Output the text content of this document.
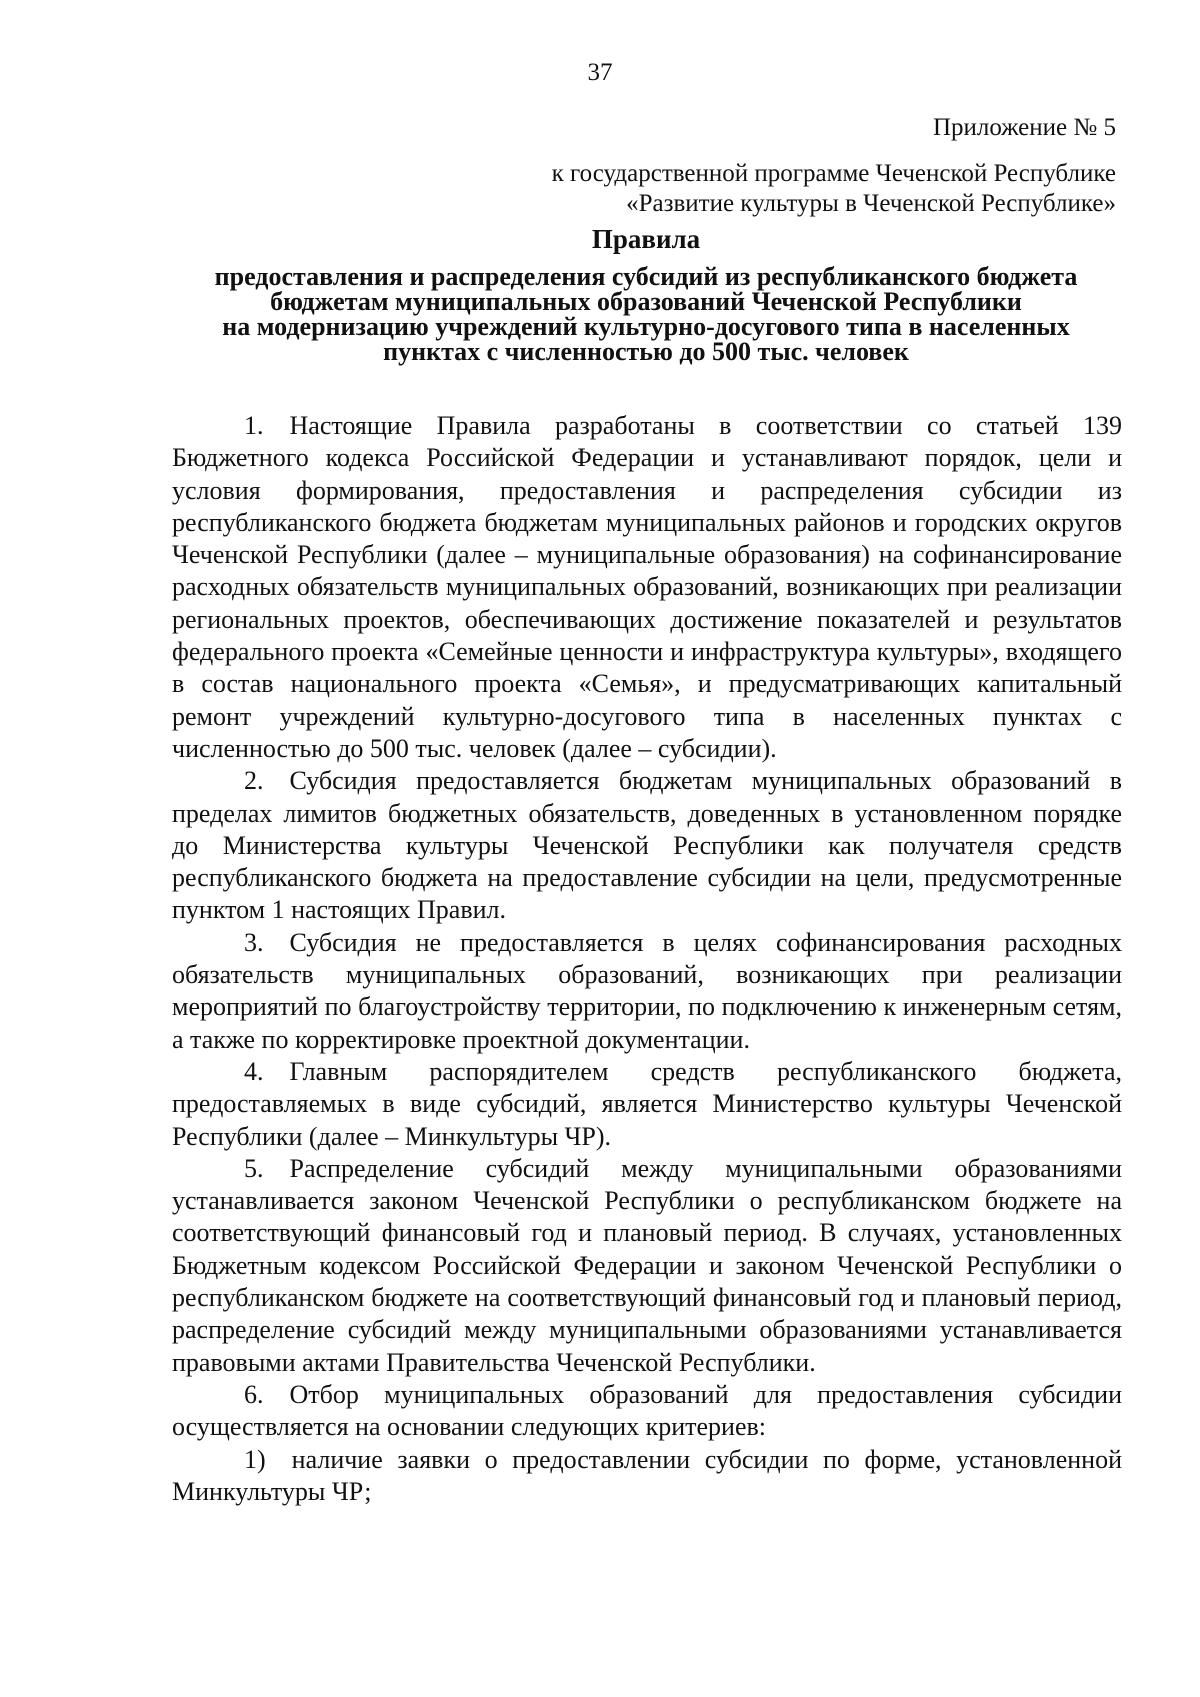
37
Приложение № 5
к государственной программе Чеченской Республике
«Развитие культуры в Чеченской Республике»
Правила
предоставления и распределения субсидий из республиканского бюджета
бюджетам муниципальных образований Чеченской Республики
на модернизацию учреждений культурно-досугового типа в населенных
пунктах с численностью до 500 тыс. человек

1.  Настоящие Правила разработаны в соответствии со статьей 139 Бюджетного кодекса Российской Федерации и устанавливают порядок, цели и условия формирования, предоставления и распределения субсидии из республиканского бюджета бюджетам муниципальных районов и городских округов Чеченской Республики (далее – муниципальные образования) на софинансирование расходных обязательств муниципальных образований, возникающих при реализации региональных проектов, обеспечивающих достижение показателей и результатов федерального проекта «Семейные ценности и инфраструктура культуры», входящего в состав национального проекта «Семья», и предусматривающих капитальный ремонт учреждений культурно-досугового типа в населенных пунктах с численностью до 500 тыс. человек (далее – субсидии).

2.  Субсидия предоставляется бюджетам муниципальных образований в пределах лимитов бюджетных обязательств, доведенных в установленном порядке до Министерства культуры Чеченской Республики как получателя средств республиканского бюджета на предоставление субсидии на цели, предусмотренные пунктом 1 настоящих Правил.

3.  Субсидия не предоставляется в целях софинансирования расходных обязательств муниципальных образований, возникающих при реализации мероприятий по благоустройству территории, по подключению к инженерным сетям, а также по корректировке проектной документации.

4.  Главным распорядителем средств республиканского бюджета, предоставляемых в виде субсидий, является Министерство культуры Чеченской Республики (далее – Минкультуры ЧР).

5.  Распределение субсидий между муниципальными образованиями устанавливается законом Чеченской Республики о республиканском бюджете на соответствующий финансовый год и плановый период. В случаях, установленных Бюджетным кодексом Российской Федерации и законом Чеченской Республики о республиканском бюджете на соответствующий финансовый год и плановый период, распределение субсидий между муниципальными образованиями устанавливается правовыми актами Правительства Чеченской Республики.

6.  Отбор муниципальных образований для предоставления субсидии осуществляется на основании следующих критериев:

1)  наличие заявки о предоставлении субсидии по форме, установленной Минкультуры ЧР;
